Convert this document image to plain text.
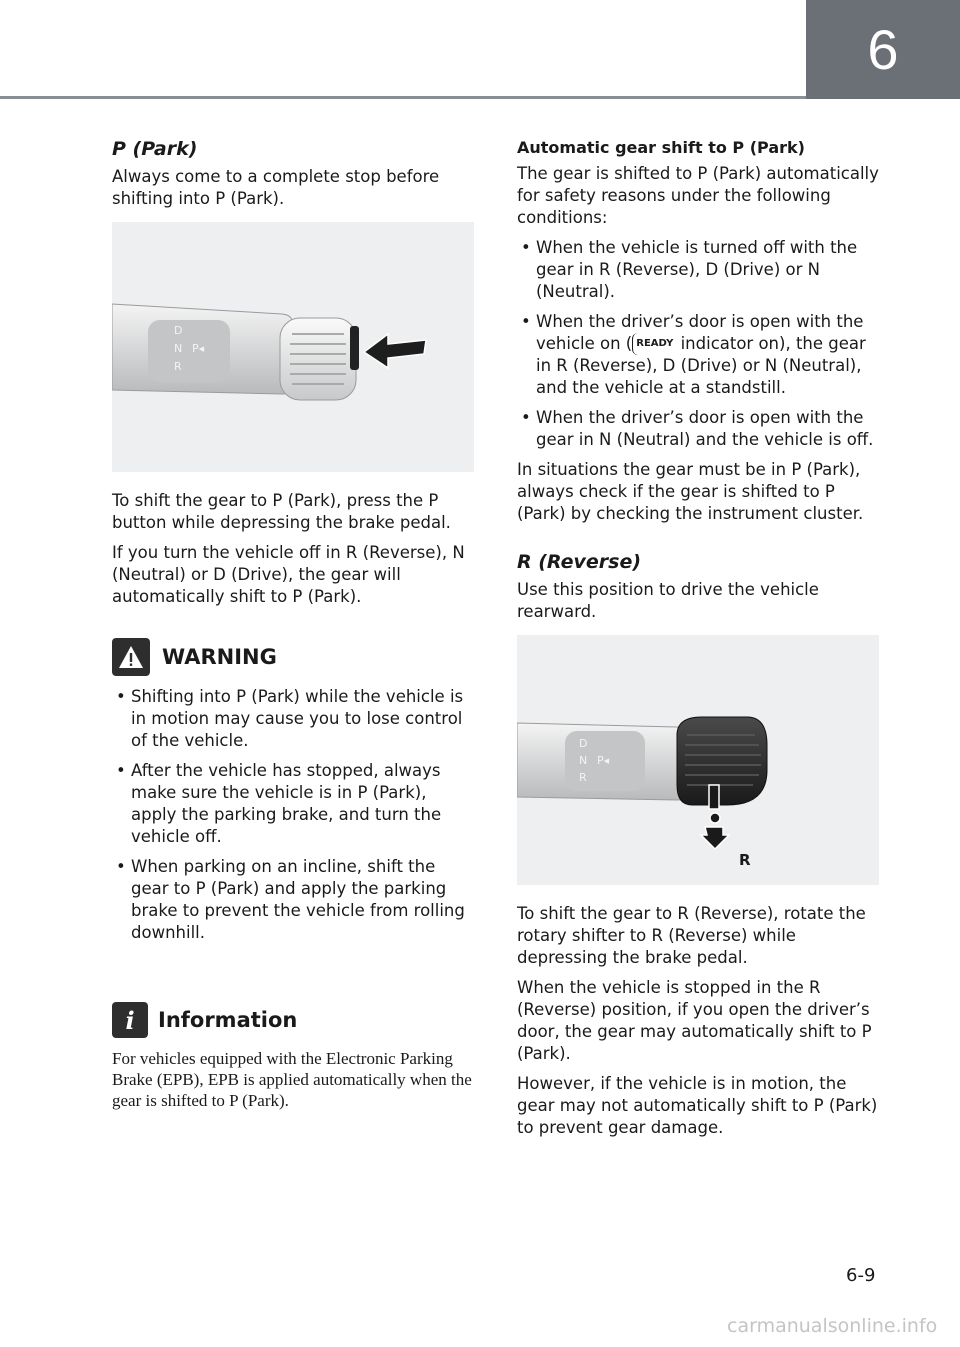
6
P (Park)

Always come to a complete stop before shifting into P (Park).

D
N P◂
R

To shift the gear to P (Park), press the P button while depressing the brake pedal.

If you turn the vehicle off in R (Reverse), N (Neutral) or D (Drive), the gear will automatically shift to P (Park).

WARNING
• Shifting into P (Park) while the vehicle is in motion may cause you to lose control of the vehicle.
• After the vehicle has stopped, always make sure the vehicle is in P (Park), apply the parking brake, and turn the vehicle off.
• When parking on an incline, shift the gear to P (Park) and apply the parking brake to prevent the vehicle from rolling downhill.
i	Information

For vehicles equipped with the Electronic Parking Brake (EPB), EPB is applied automatically when the gear is shifted to P (Park).

Automatic gear shift to P (Park)

The gear is shifted to P (Park) automatically for safety reasons under the following conditions:

• When the vehicle is turned off with the gear in R (Reverse), D (Drive) or N (Neutral).
• When the driver’s door is open with the vehicle on ( READY indicator on), the gear in R (Reverse), D (Drive) or N (Neutral), and the vehicle at a standstill.
• When the driver’s door is open with the gear in N (Neutral) and the vehicle is off.

In situations the gear must be in P (Park), always check if the gear is shifted to P (Park) by checking the instrument cluster.

R (Reverse)

Use this position to drive the vehicle rearward.

D
N P◂
R
R

To shift the gear to R (Reverse), rotate the rotary shifter to R (Reverse) while depressing the brake pedal.

When the vehicle is stopped in the R (Reverse) position, if you open the driver’s door, the gear may automatically shift to P (Park).

However, if the vehicle is in motion, the gear may not automatically shift to P (Park) to prevent gear damage.

6-9
carmanualsonline.info
